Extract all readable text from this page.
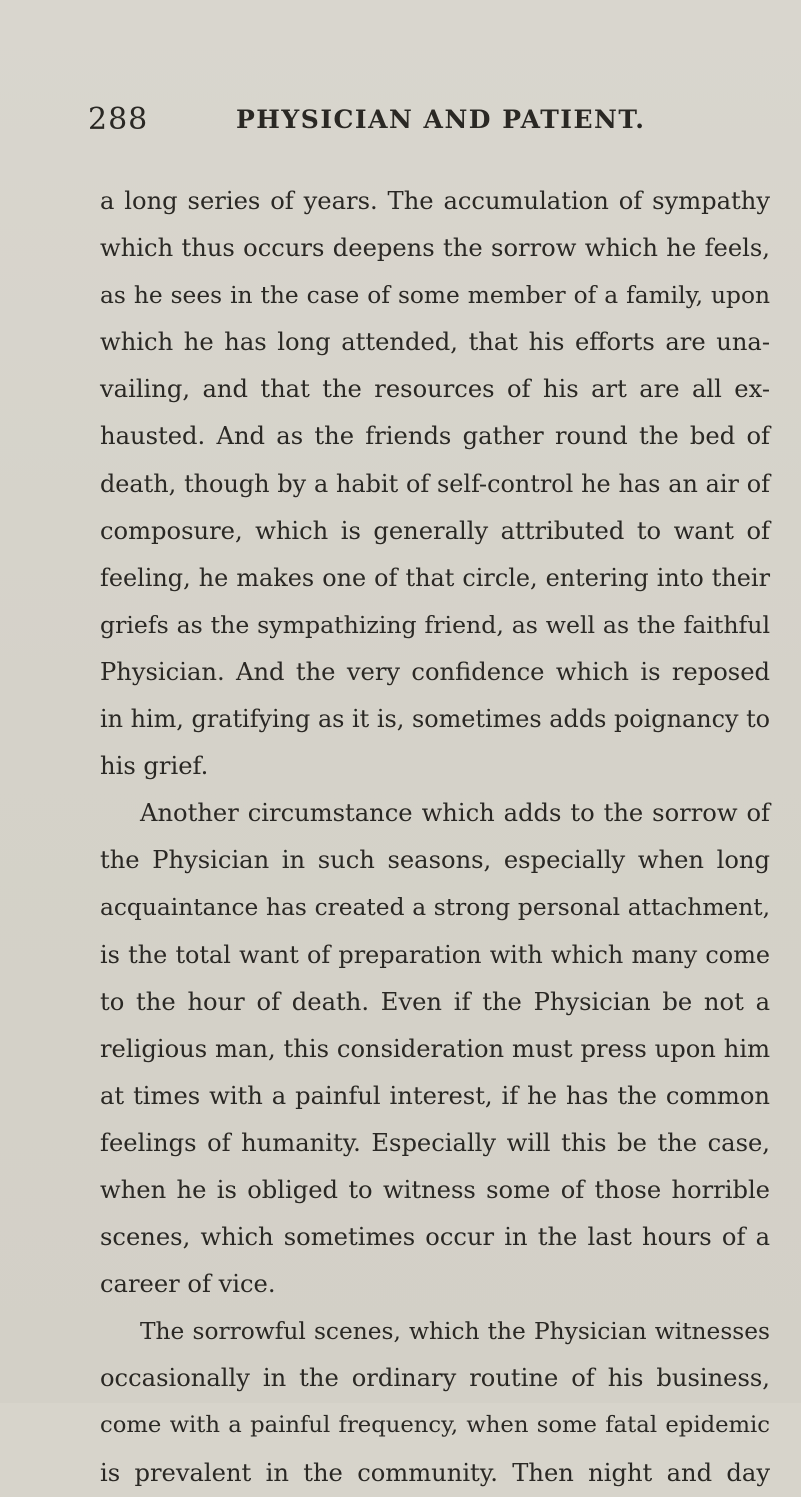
288	PHYSICIAN AND PATIENT.
a long series of years. The accumulation of sympathy
which thus occurs deepens the sorrow which he feels,
as he sees in the case of some member of a family, upon
which he has long attended, that his efforts are una-
vailing, and that the resources of his art are all ex-
hausted. And as the friends gather round the bed of
death, though by a habit of self-control he has an air of
composure, which is generally attributed to want of
feeling, he makes one of that circle, entering into their
griefs as the sympathizing friend, as well as the faithful
Physician. And the very confidence which is reposed
in him, gratifying as it is, sometimes adds poignancy to
his grief.
Another circumstance which adds to the sorrow of
the Physician in such seasons, especially when long
acquaintance has created a strong personal attachment,
is the total want of preparation with which many come
to the hour of death. Even if the Physician be not a
religious man, this consideration must press upon him
at times with a painful interest, if he has the common
feelings of humanity. Especially will this be the case,
when he is obliged to witness some of those horrible
scenes, which sometimes occur in the last hours of a
career of vice.
The sorrowful scenes, which the Physician witnesses
occasionally in the ordinary routine of his business,
come with a painful frequency, when some fatal epidemic
is prevalent in the community. Then night and day
